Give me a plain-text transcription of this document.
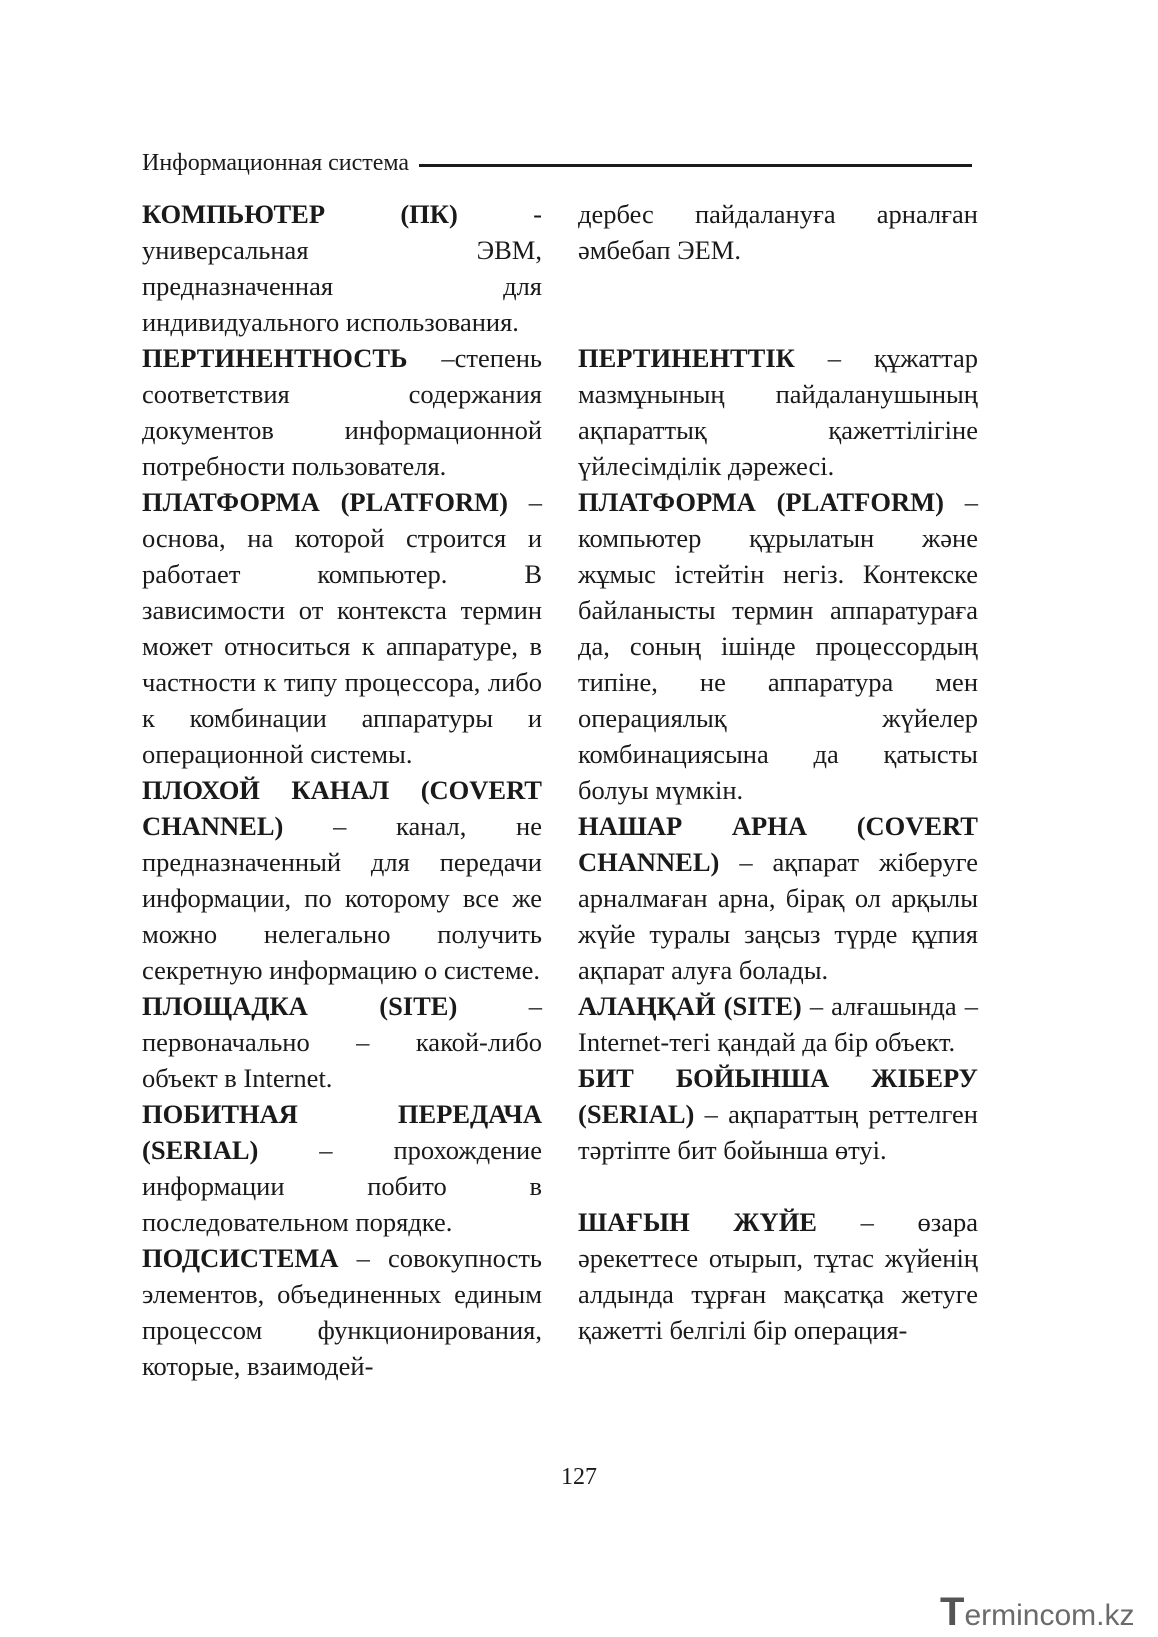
Информационная система

КОМПЬЮТЕР (ПК) - универсальная ЭВМ, предназначенная для индивидуального использования.

ПЕРТИНЕНТНОСТЬ –степень соответствия содержания документов информационной потребности пользователя.

ПЛАТФОРМА (PLATFORM) – основа, на которой строится и работает компьютер. В зависимости от контекста термин может относиться к аппаратуре, в частности к типу процессора, либо к комбинации аппаратуры и операционной системы.

ПЛОХОЙ КАНАЛ (COVERT CHANNEL) – канал, не предназначенный для передачи информации, по которому все же можно нелегально получить секретную информацию о системе.

ПЛОЩАДКА (SITE) – первоначально – какой-либо объект в Internet.

ПОБИТНАЯ ПЕРЕДАЧА (SERIAL) – прохождение информации побито в последовательном порядке.

ПОДСИСТЕМА – совокупность элементов, объединенных единым процессом функционирования, которые, взаимодей-

дербес пайдалануға арналған әмбебап ЭЕМ.

ПЕРТИНЕНТТІК – құжаттар мазмұнының пайдаланушының ақпараттық қажеттілігіне үйлесімділік дәрежесі.

ПЛАТФОРМА (PLATFORM) – компьютер құрылатын және жұмыс істейтін негіз. Контекске байланысты термин аппаратураға да, соның ішінде процессордың типіне, не аппаратура мен операциялық жүйелер комбинациясына да қатысты болуы мүмкін.

НАШАР АРНА (COVERT CHANNEL) – ақпарат жіберуге арналмаған арна, бірақ ол арқылы жүйе туралы заңсыз түрде құпия ақпарат алуға болады.

АЛАҢҚАЙ (SITE) – алғашында – Internet-тегі қандай да бір объект.

БИТ БОЙЫНША ЖІБЕРУ (SERIAL) – ақпараттың реттелген тәртіпте бит бойынша өтуі.

ШАҒЫН ЖҮЙЕ – өзара әрекеттесе отырып, тұтас жүйенің алдында тұрған мақсатқа жетуге қажетті белгілі бір операция-

127
Termincom.kz
